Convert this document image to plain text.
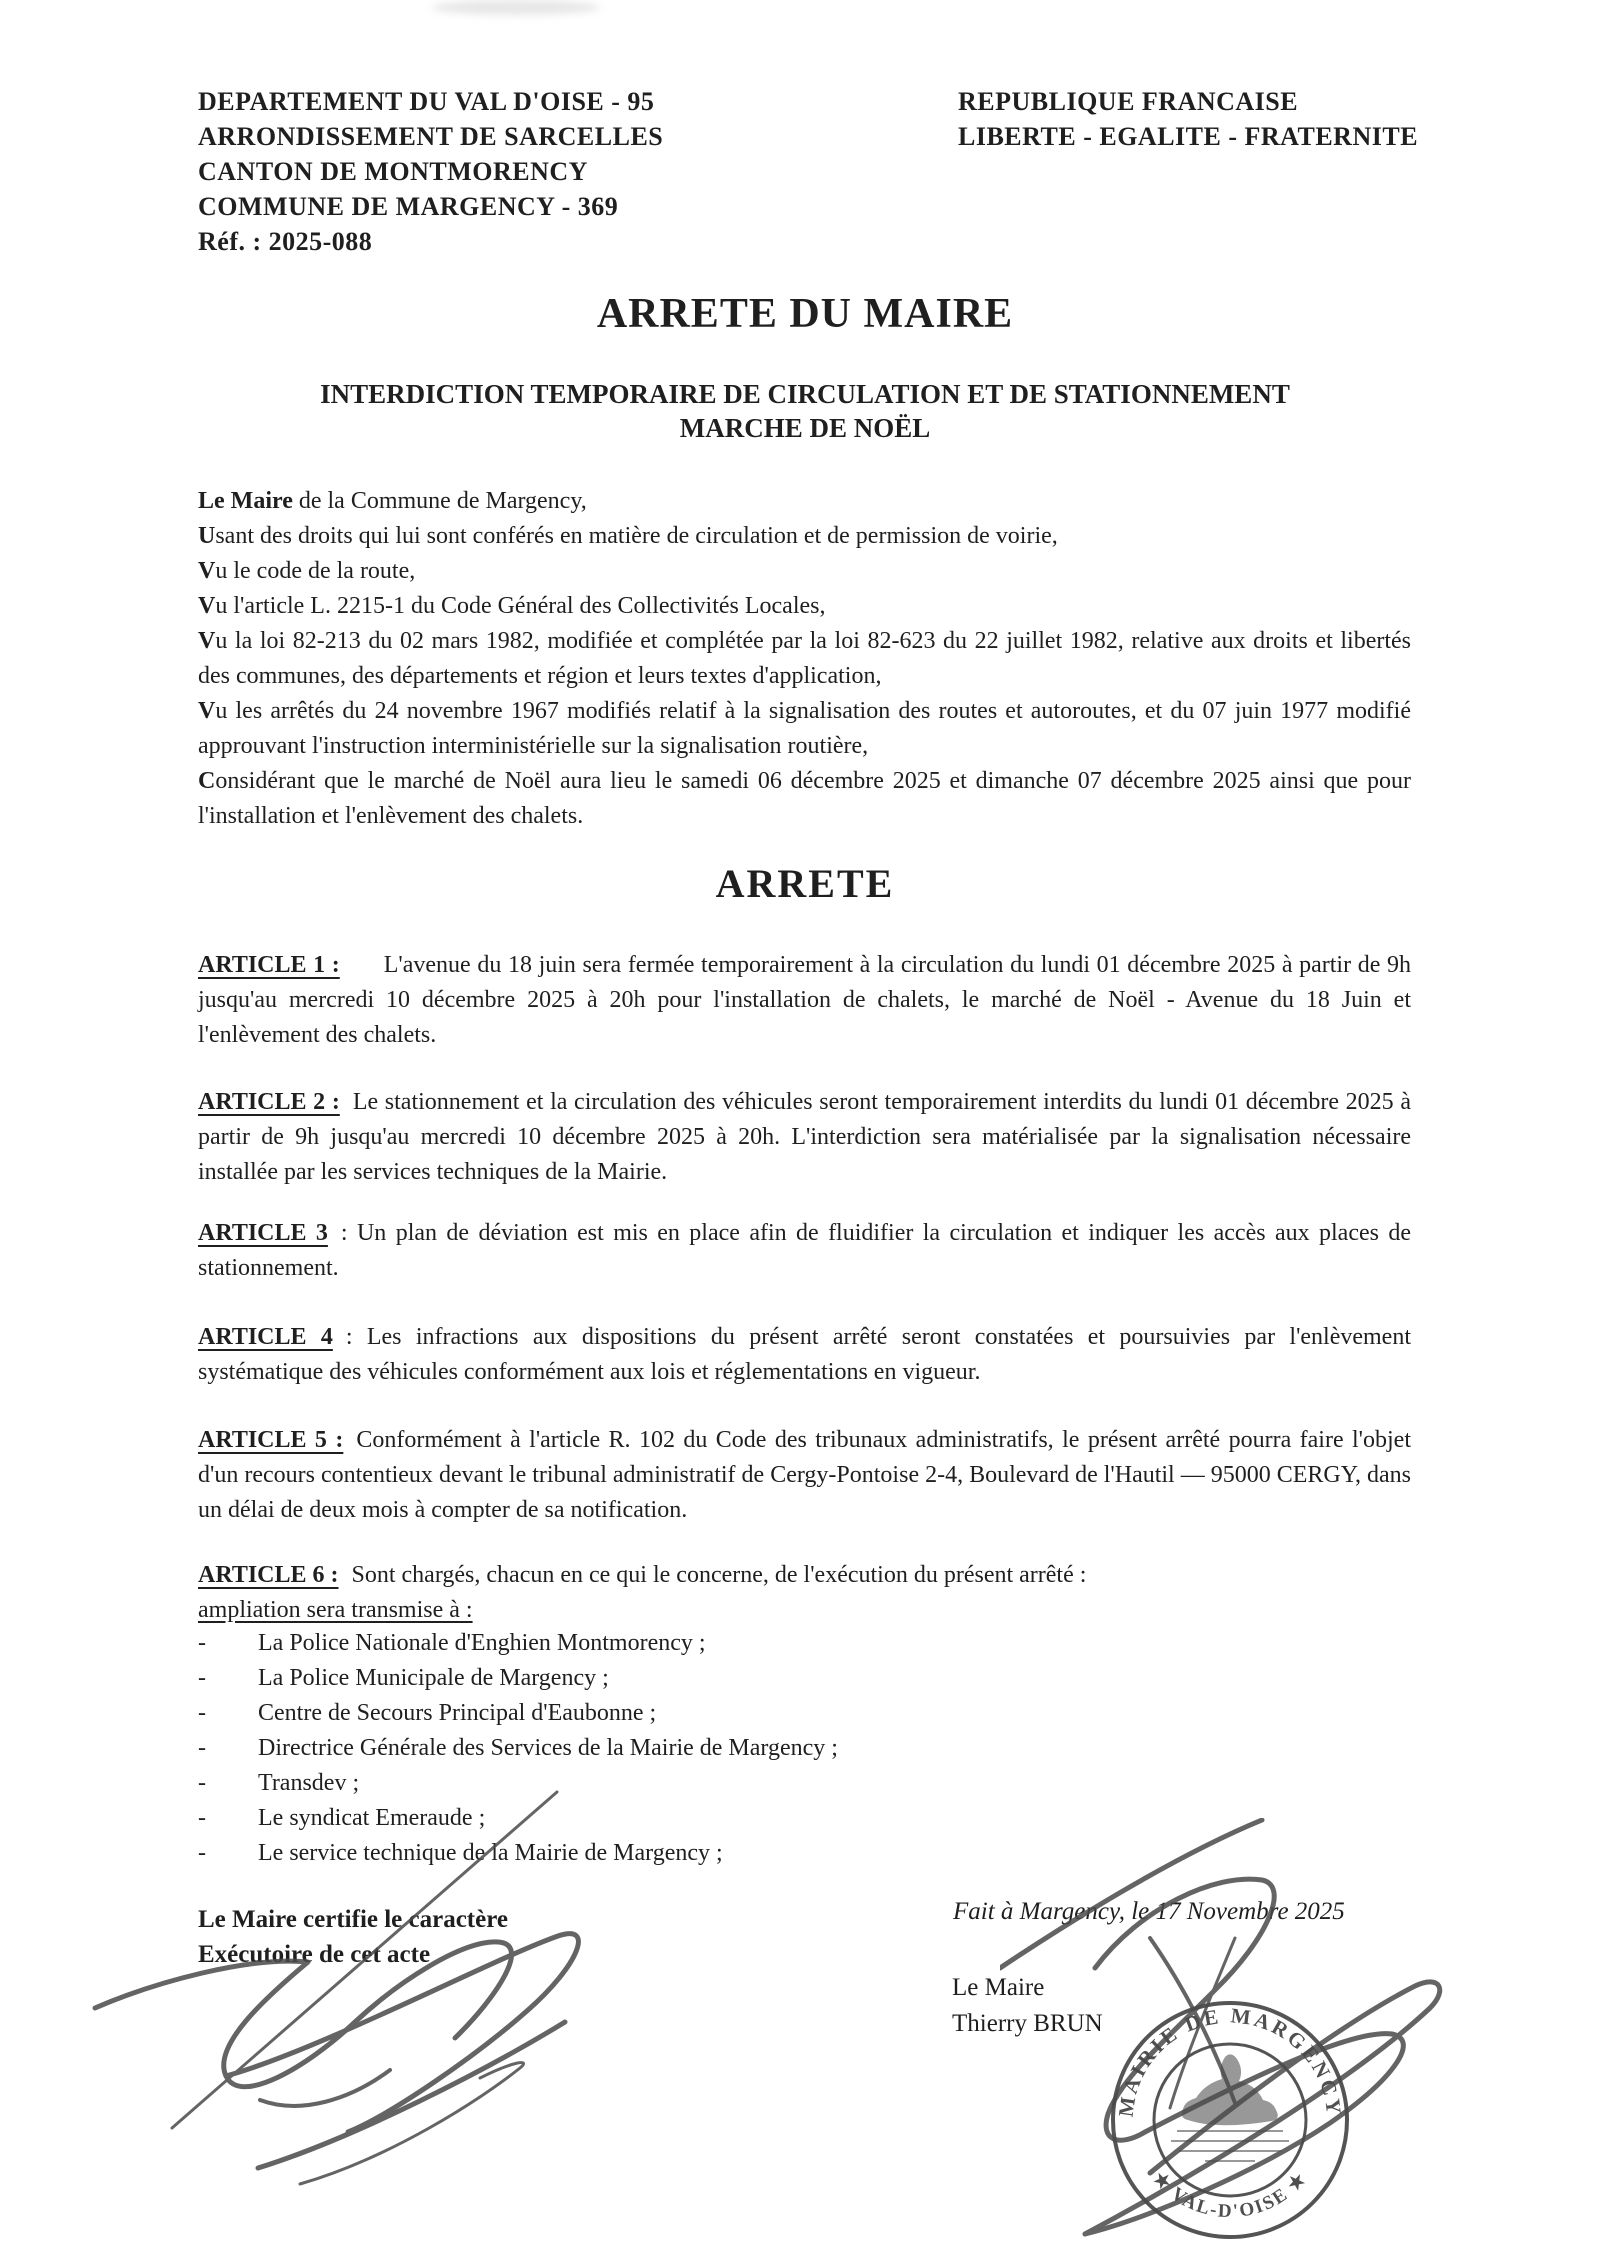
DEPARTEMENT DU VAL D'OISE - 95
ARRONDISSEMENT DE SARCELLES
CANTON DE MONTMORENCY
COMMUNE DE MARGENCY - 369
Réf. : 2025-088
REPUBLIQUE FRANCAISE
LIBERTE - EGALITE - FRATERNITE
ARRETE DU MAIRE
INTERDICTION TEMPORAIRE DE CIRCULATION ET DE STATIONNEMENT
MARCHE DE NOËL

Le Maire de la Commune de Margency,

Usant des droits qui lui sont conférés en matière de circulation et de permission de voirie,

Vu le code de la route,

Vu l'article L. 2215-1 du Code Général des Collectivités Locales,

Vu la loi 82-213 du 02 mars 1982, modifiée et complétée par la loi 82-623 du 22 juillet 1982, relative aux droits et libertés des communes, des départements et région et leurs textes d'application,

Vu les arrêtés du 24 novembre 1967 modifiés relatif à la signalisation des routes et autoroutes, et du 07 juin 1977 modifié approuvant l'instruction interministérielle sur la signalisation routière,

Considérant que le marché de Noël aura lieu le samedi 06 décembre 2025 et dimanche 07 décembre 2025 ainsi que pour l'installation et l'enlèvement des chalets.

ARRETE

ARTICLE 1 : L'avenue du 18 juin sera fermée temporairement à la circulation du lundi 01 décembre 2025 à partir de 9h jusqu'au mercredi 10 décembre 2025 à 20h pour l'installation de chalets, le marché de Noël - Avenue du 18 Juin et l'enlèvement des chalets.

ARTICLE 2 : Le stationnement et la circulation des véhicules seront temporairement interdits du lundi 01 décembre 2025 à partir de 9h jusqu'au mercredi 10 décembre 2025 à 20h. L'interdiction sera matérialisée par la signalisation nécessaire installée par les services techniques de la Mairie.

ARTICLE 3 : Un plan de déviation est mis en place afin de fluidifier la circulation et indiquer les accès aux places de stationnement.

ARTICLE 4 : Les infractions aux dispositions du présent arrêté seront constatées et poursuivies par l'enlèvement systématique des véhicules conformément aux lois et réglementations en vigueur.

ARTICLE 5 : Conformément à l'article R. 102 du Code des tribunaux administratifs, le présent arrêté pourra faire l'objet d'un recours contentieux devant le tribunal administratif de Cergy-Pontoise 2-4, Boulevard de l'Hautil — 95000 CERGY, dans un délai de deux mois à compter de sa notification.

ARTICLE 6 : Sont chargés, chacun en ce qui le concerne, de l'exécution du présent arrêté :
ampliation sera transmise à :

-	La Police Nationale d'Enghien Montmorency ;
-	La Police Municipale de Margency ;
-	Centre de Secours Principal d'Eaubonne ;
-	Directrice Générale des Services de la Mairie de Margency ;
-	Transdev ;
-	Le syndicat Emeraude ;
-	Le service technique de la Mairie de Margency ;
Le Maire certifie le caractère
Exécutoire de cet acte
Fait à Margency, le 17 Novembre 2025
Le Maire
Thierry BRUN
MAIRIE DE MARGENCY
★ VAL-D'OISE ★
